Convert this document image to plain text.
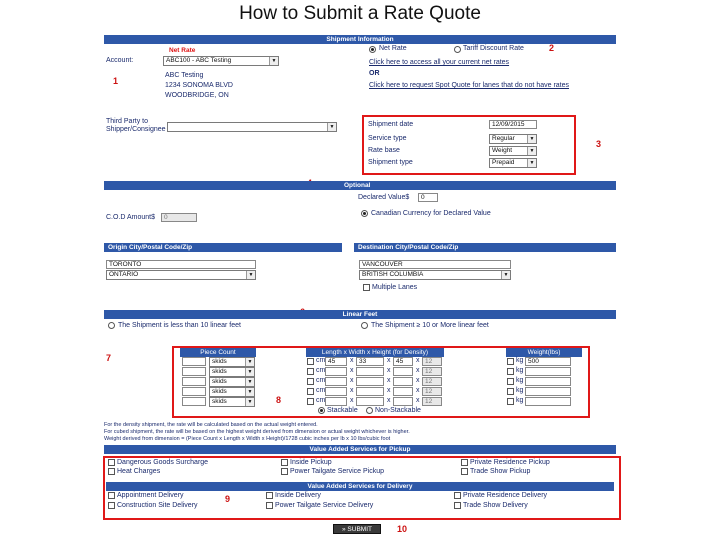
How to Submit a Rate Quote
Shipment Information
Account:
Net Rate
ABC100 - ABC Testing	▼
1
ABC Testing
1234 SONOMA BLVD
WOODBRIDGE, ON
Third Party to
Shipper/Consignee	▼
Net Rate	Tariff Discount Rate	2
Click here to access all your current net rates
OR
Click here to request Spot Quote for lanes that do not have rates
3
Shipment date	12/09/2015
Service type	Regular	▼
Rate base	Weight	▼
Shipment type	Prepaid	▼
Optional
Declared Value$	0
C.O.D Amount$	0
Canadian Currency for Declared Value
Origin City/Postal Code/Zip	Destination City/Postal Code/Zip
TORONTO
ONTARIO	▼
VANCOUVER
BRITISH COLUMBIA	▼
Multiple Lanes
Linear Feet
The Shipment is less than 10 linear feet	The Shipment ≥ 10 or More linear feet
7
8
Piece Count	Length x Width x Height (for Density)	Weight(lbs)
skids	▼	cm 45	x 33	x 45	x 12	kg 500
skids	▼	cm	x	x	x 12	kg
skids	▼	cm	x	x	x 12	kg
skids	▼	cm	x	x	x 12	kg
skids	▼	cm	x	x	x 12	kg
Stackable Non-Stackable
For the density shipment, the rate will be calculated based on the actual weight entered.
For cubed shipment, the rate will be based on the highest weight derived from dimension or actual weight whichever is higher.
Weight derived from dimension = (Piece Count x Length x Width x Height)/1728 cubic inches per lb x 10 lbs/cubic foot
Value Added Services for Pickup
Dangerous Goods Surcharge
Heat Charges
Inside Pickup
Power Tailgate Service Pickup
Private Residence Pickup
Trade Show Pickup
Value Added Services for Delivery
Appointment Delivery
Construction Site Delivery
9	Inside Delivery
Power Tailgate Service Delivery
Private Residence Delivery
Trade Show Delivery
» SUBMIT	10
